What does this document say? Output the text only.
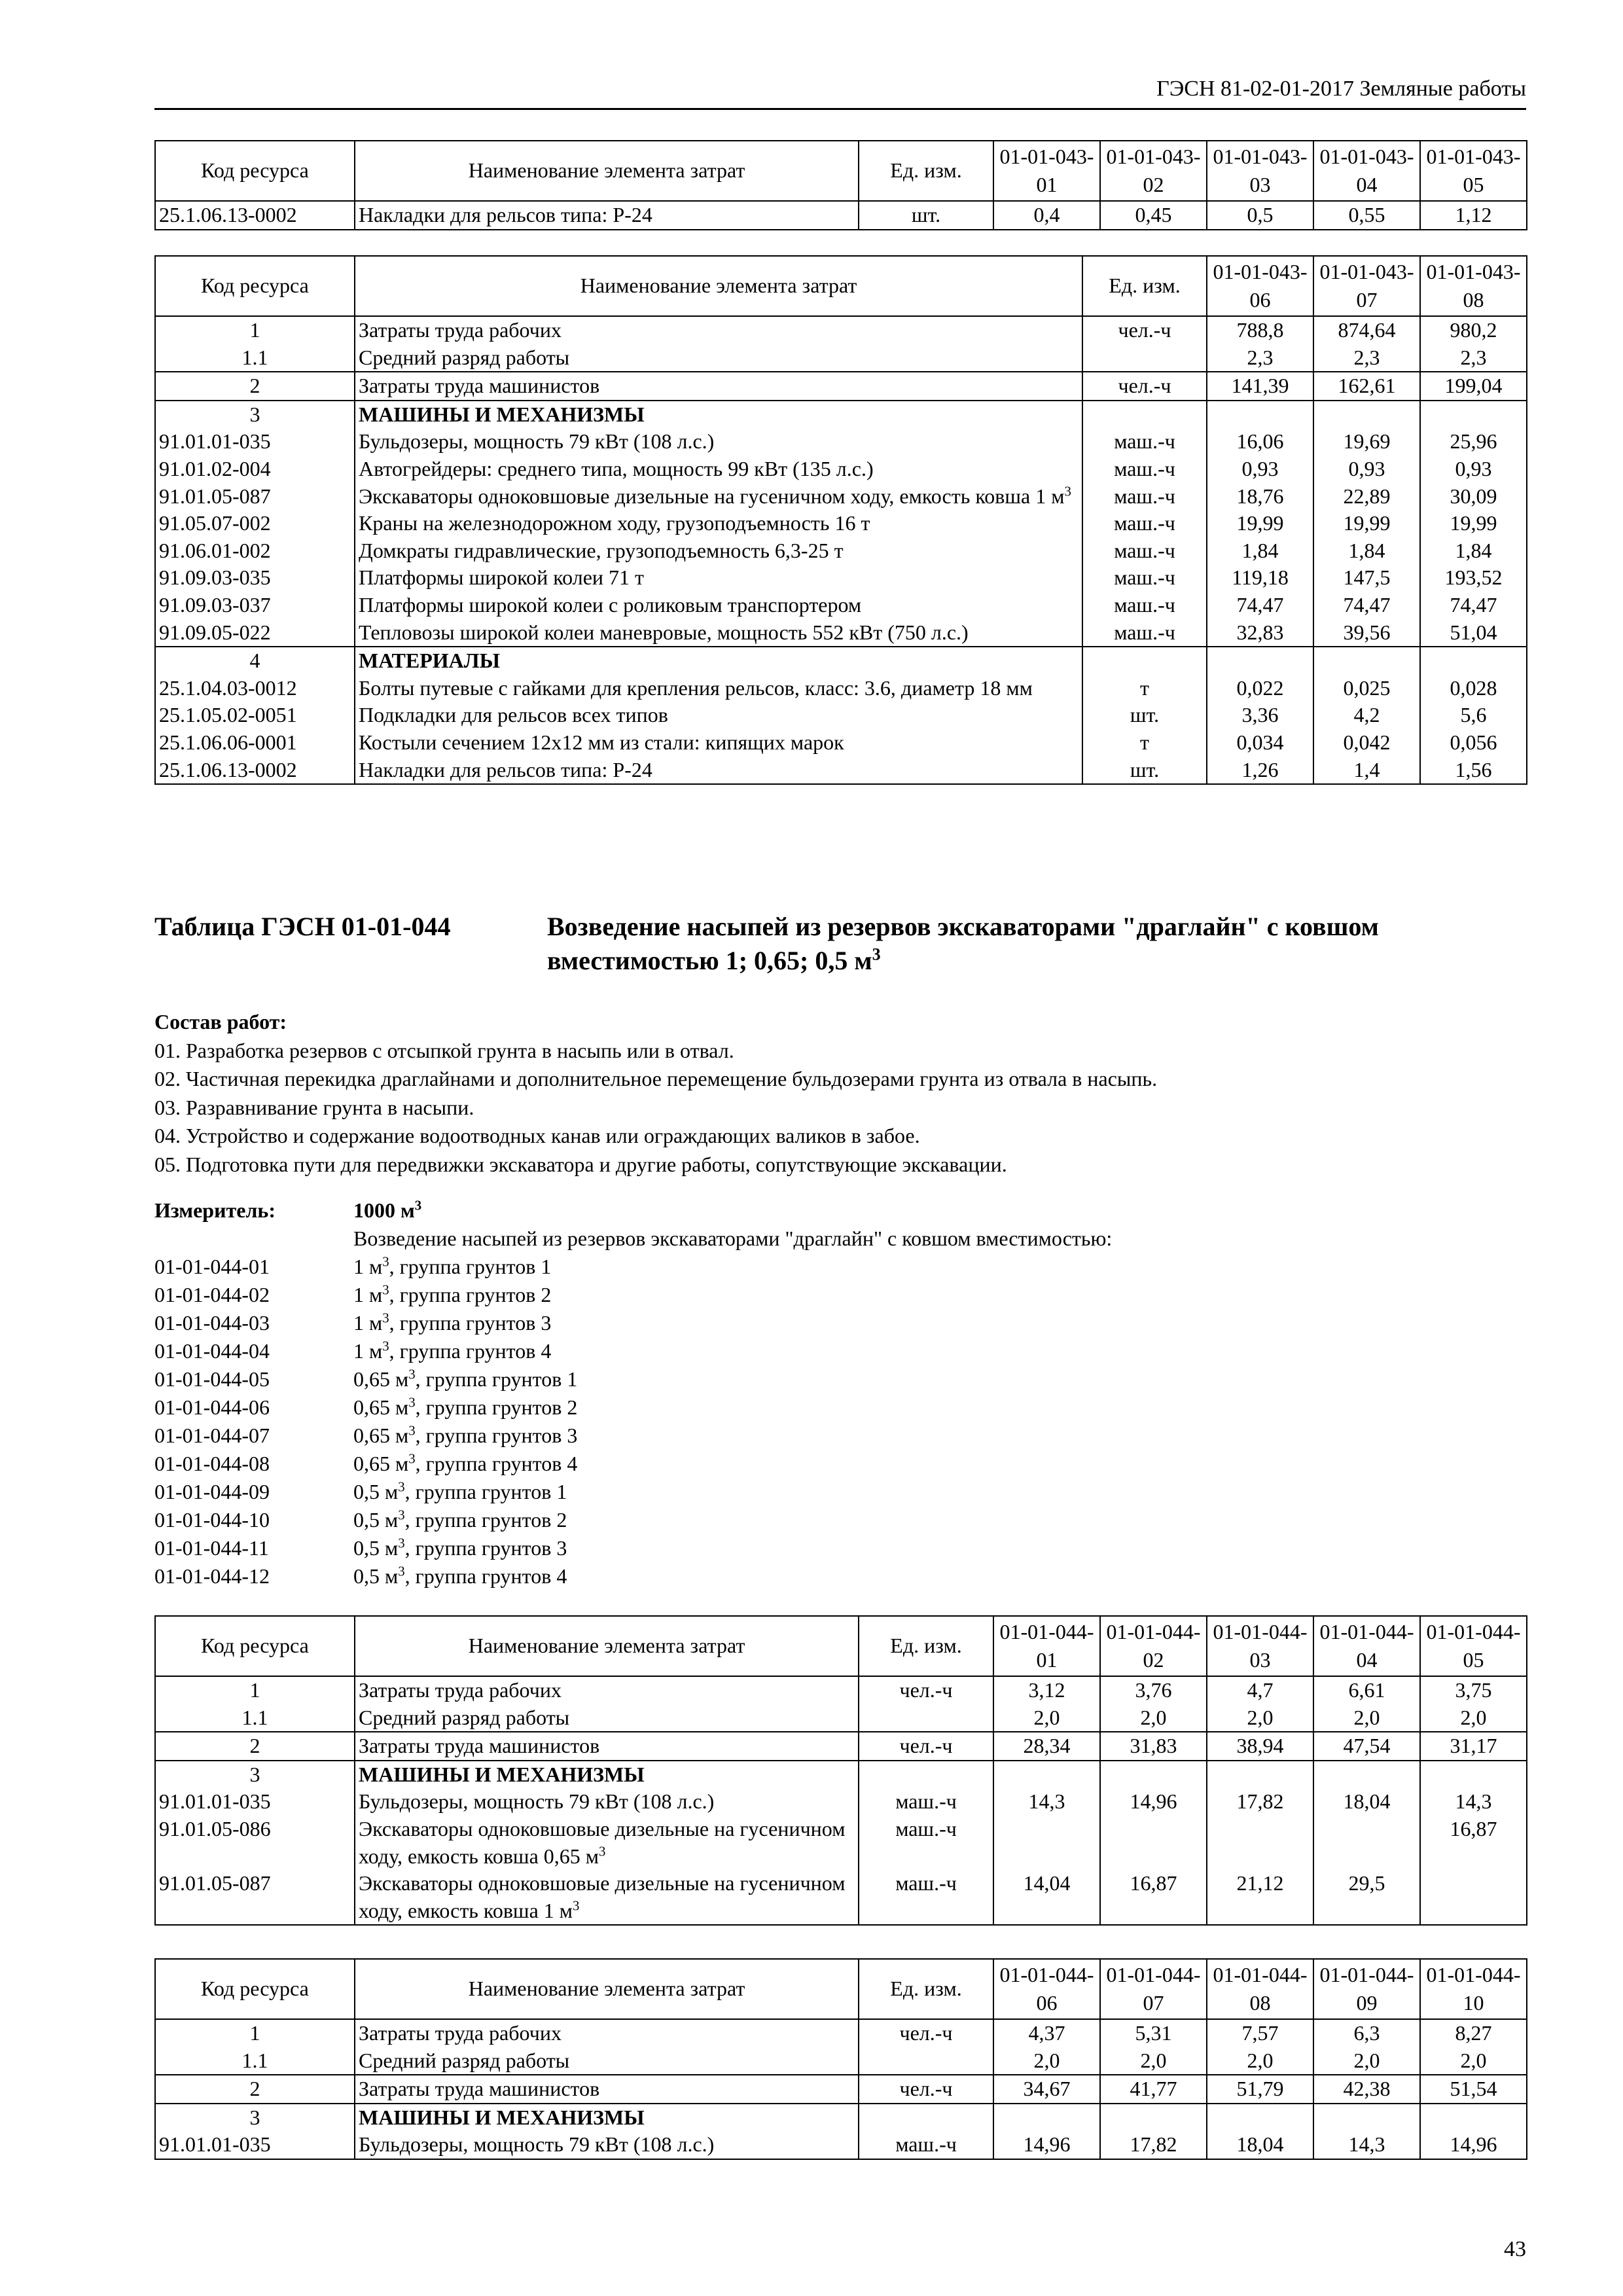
ГЭСН 81-02-01-2017 Земляные работы
Код ресурса	Наименование элемента затрат	Ед. изм.	01-01-043-01	01-01-043-02	01-01-043-03	01-01-043-04	01-01-043-05
25.1.06.13-0002	Накладки для рельсов типа: Р-24	шт.	0,4	0,45	0,5	0,55	1,12
Код ресурса	Наименование элемента затрат	Ед. изм.	01-01-043-06	01-01-043-07	01-01-043-08
1	Затраты труда рабочих	чел.-ч	788,8	874,64	980,2
1.1	Средний разряд работы		2,3	2,3	2,3
2	Затраты труда машинистов	чел.-ч	141,39	162,61	199,04
3	МАШИНЫ И МЕХАНИЗМЫ				
91.01.01-035	Бульдозеры, мощность 79 кВт (108 л.с.)	маш.-ч	16,06	19,69	25,96
91.01.02-004	Автогрейдеры: среднего типа, мощность 99 кВт (135 л.с.)	маш.-ч	0,93	0,93	0,93
91.01.05-087	Экскаваторы одноковшовые дизельные на гусеничном ходу, емкость ковша 1 $м^3$	маш.-ч	18,76	22,89	30,09
91.05.07-002	Краны на железнодорожном ходу, грузоподъемность 16 т	маш.-ч	19,99	19,99	19,99
91.06.01-002	Домкраты гидравлические, грузоподъемность 6,3-25 т	маш.-ч	1,84	1,84	1,84
91.09.03-035	Платформы широкой колеи 71 т	маш.-ч	119,18	147,5	193,52
91.09.03-037	Платформы широкой колеи с роликовым транспортером	маш.-ч	74,47	74,47	74,47
91.09.05-022	Тепловозы широкой колеи маневровые, мощность 552 кВт (750 л.с.)	маш.-ч	32,83	39,56	51,04
4	МАТЕРИАЛЫ				
25.1.04.03-0012	Болты путевые с гайками для крепления рельсов, класс: 3.6, диаметр 18 мм	т	0,022	0,025	0,028
25.1.05.02-0051	Подкладки для рельсов всех типов	шт.	3,36	4,2	5,6
25.1.06.06-0001	Костыли сечением 12х12 мм из стали: кипящих марок	т	0,034	0,042	0,056
25.1.06.13-0002	Накладки для рельсов типа: Р-24	шт.	1,26	1,4	1,56
Таблица ГЭСН 01-01-044	Возведение насыпей из резервов экскаваторами "драглайн" с ковшом вместимостью 1; 0,65; 0,5 $м^3$
Состав работ:
01. Разработка резервов с отсыпкой грунта в насыпь или в отвал.
02. Частичная перекидка драглайнами и дополнительное перемещение бульдозерами грунта из отвала в насыпь.
03. Разравнивание грунта в насыпи.
04. Устройство и содержание водоотводных канав или ограждающих валиков в забое.
05. Подготовка пути для передвижки экскаватора и другие работы, сопутствующие экскавации.
Измеритель:	1000 $м^3$
Возведение насыпей из резервов экскаваторами "драглайн" с ковшом вместимостью:
01-01-044-01	1 $м^3$, группа грунтов 1
01-01-044-02	1 $м^3$, группа грунтов 2
01-01-044-03	1 $м^3$, группа грунтов 3
01-01-044-04	1 $м^3$, группа грунтов 4
01-01-044-05	0,65 $м^3$, группа грунтов 1
01-01-044-06	0,65 $м^3$, группа грунтов 2
01-01-044-07	0,65 $м^3$, группа грунтов 3
01-01-044-08	0,65 $м^3$, группа грунтов 4
01-01-044-09	0,5 $м^3$, группа грунтов 1
01-01-044-10	0,5 $м^3$, группа грунтов 2
01-01-044-11	0,5 $м^3$, группа грунтов 3
01-01-044-12	0,5 $м^3$, группа грунтов 4
Код ресурса	Наименование элемента затрат	Ед. изм.	01-01-044-01	01-01-044-02	01-01-044-03	01-01-044-04	01-01-044-05
1	Затраты труда рабочих	чел.-ч	3,12	3,76	4,7	6,61	3,75
1.1	Средний разряд работы		2,0	2,0	2,0	2,0	2,0
2	Затраты труда машинистов	чел.-ч	28,34	31,83	38,94	47,54	31,17
3	МАШИНЫ И МЕХАНИЗМЫ						
91.01.01-035	Бульдозеры, мощность 79 кВт (108 л.с.)	маш.-ч	14,3	14,96	17,82	18,04	14,3
91.01.05-086	Экскаваторы одноковшовые дизельные на гусеничном ходу, емкость ковша 0,65 $м^3$	маш.-ч					16,87
91.01.05-087	Экскаваторы одноковшовые дизельные на гусеничном ходу, емкость ковша 1 $м^3$	маш.-ч	14,04	16,87	21,12	29,5	
Код ресурса	Наименование элемента затрат	Ед. изм.	01-01-044-06	01-01-044-07	01-01-044-08	01-01-044-09	01-01-044-10
1	Затраты труда рабочих	чел.-ч	4,37	5,31	7,57	6,3	8,27
1.1	Средний разряд работы		2,0	2,0	2,0	2,0	2,0
2	Затраты труда машинистов	чел.-ч	34,67	41,77	51,79	42,38	51,54
3	МАШИНЫ И МЕХАНИЗМЫ						
91.01.01-035	Бульдозеры, мощность 79 кВт (108 л.с.)	маш.-ч	14,96	17,82	18,04	14,3	14,96
43
